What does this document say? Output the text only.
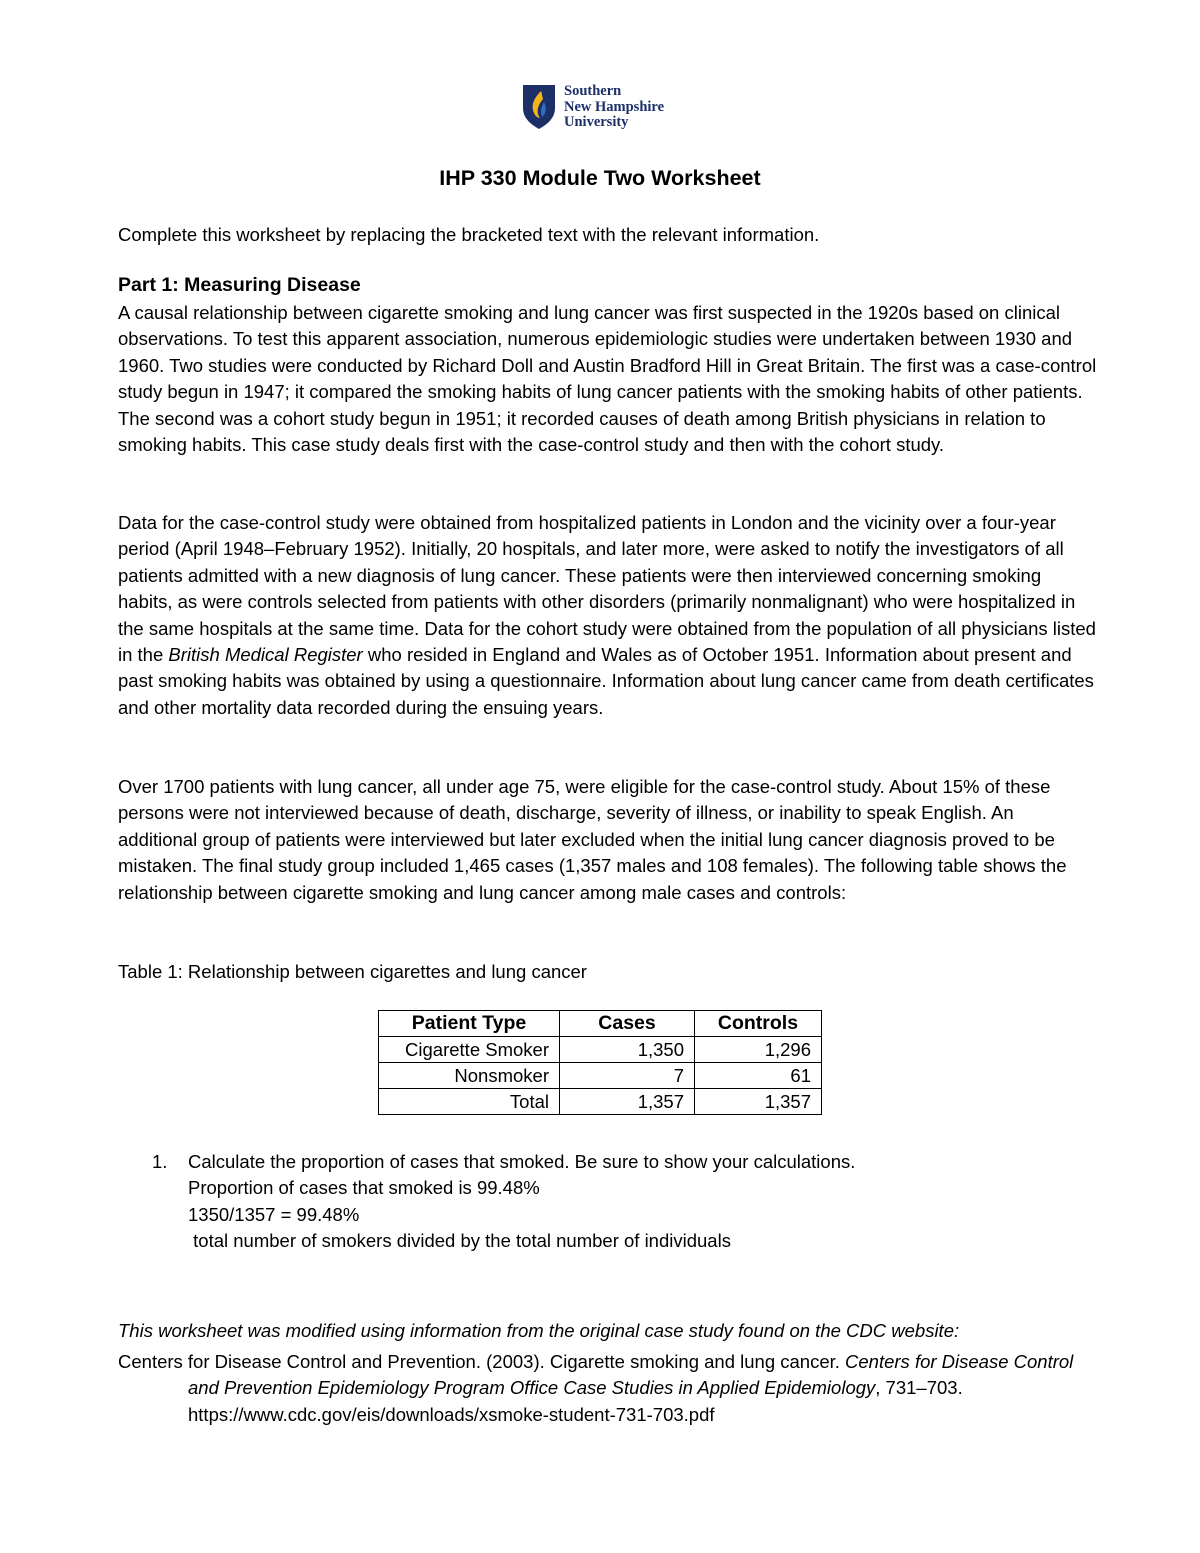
Southern
New Hampshire
University
IHP 330 Module Two Worksheet

Complete this worksheet by replacing the bracketed text with the relevant information.

Part 1: Measuring Disease

A causal relationship between cigarette smoking and lung cancer was first suspected in the 1920s based on clinical observations. To test this apparent association, numerous epidemiologic studies were undertaken between 1930 and 1960. Two studies were conducted by Richard Doll and Austin Bradford Hill in Great Britain. The first was a case-control study begun in 1947; it compared the smoking habits of lung cancer patients with the smoking habits of other patients. The second was a cohort study begun in 1951; it recorded causes of death among British physicians in relation to smoking habits. This case study deals first with the case-control study and then with the cohort study.

Data for the case-control study were obtained from hospitalized patients in London and the vicinity over a four-year period (April 1948–February 1952). Initially, 20 hospitals, and later more, were asked to notify the investigators of all patients admitted with a new diagnosis of lung cancer. These patients were then interviewed concerning smoking habits, as were controls selected from patients with other disorders (primarily nonmalignant) who were hospitalized in the same hospitals at the same time. Data for the cohort study were obtained from the population of all physicians listed in the British Medical Register who resided in England and Wales as of October 1951. Information about present and past smoking habits was obtained by using a questionnaire. Information about lung cancer came from death certificates and other mortality data recorded during the ensuing years.

Over 1700 patients with lung cancer, all under age 75, were eligible for the case-control study. About 15% of these persons were not interviewed because of death, discharge, severity of illness, or inability to speak English. An additional group of patients were interviewed but later excluded when the initial lung cancer diagnosis proved to be mistaken. The final study group included 1,465 cases (1,357 males and 108 females). The following table shows the relationship between cigarette smoking and lung cancer among male cases and controls:

Table 1: Relationship between cigarettes and lung cancer

Patient Type	Cases	Controls
Cigarette Smoker	1,350	1,296
Nonsmoker	7	61
Total	1,357	1,357
1. Calculate the proportion of cases that smoked. Be sure to show your calculations.
Proportion of cases that smoked is 99.48%
1350/1357 = 99.48%
total number of smokers divided by the total number of individuals

This worksheet was modified using information from the original case study found on the CDC website:

Centers for Disease Control and Prevention. (2003). Cigarette smoking and lung cancer. Centers for Disease Control and Prevention Epidemiology Program Office Case Studies in Applied Epidemiology, 731–703.
https://www.cdc.gov/eis/downloads/xsmoke-student-731-703.pdf
